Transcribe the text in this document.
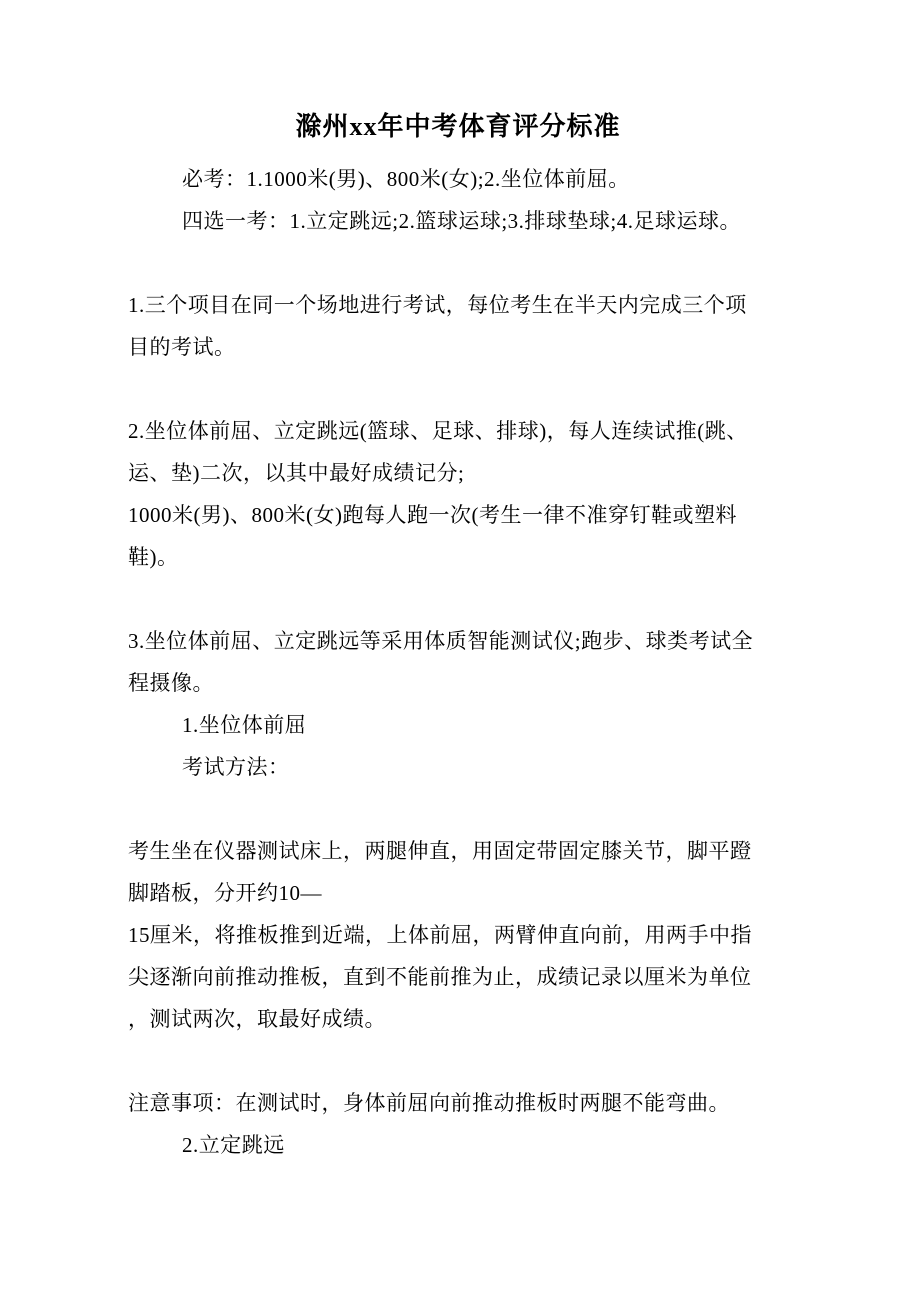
滁州xx年中考体育评分标准
必考：1.1000米(男)、800米(女);2.坐位体前屈。
四选一考：1.立定跳远;2.篮球运球;3.排球垫球;4.足球运球。
1.三个项目在同一个场地进行考试，每位考生在半天内完成三个项
目的考试。
2.坐位体前屈、立定跳远(篮球、足球、排球)，每人连续试推(跳、
运、垫)二次，以其中最好成绩记分;
1000米(男)、800米(女)跑每人跑一次(考生一律不准穿钉鞋或塑料
鞋)。
3.坐位体前屈、立定跳远等采用体质智能测试仪;跑步、球类考试全
程摄像。
1.坐位体前屈
考试方法：
考生坐在仪器测试床上，两腿伸直，用固定带固定膝关节，脚平蹬
脚踏板，分开约10—
15厘米，将推板推到近端，上体前屈，两臂伸直向前，用两手中指
尖逐渐向前推动推板，直到不能前推为止，成绩记录以厘米为单位
，测试两次，取最好成绩。
注意事项：在测试时，身体前屈向前推动推板时两腿不能弯曲。
2.立定跳远
